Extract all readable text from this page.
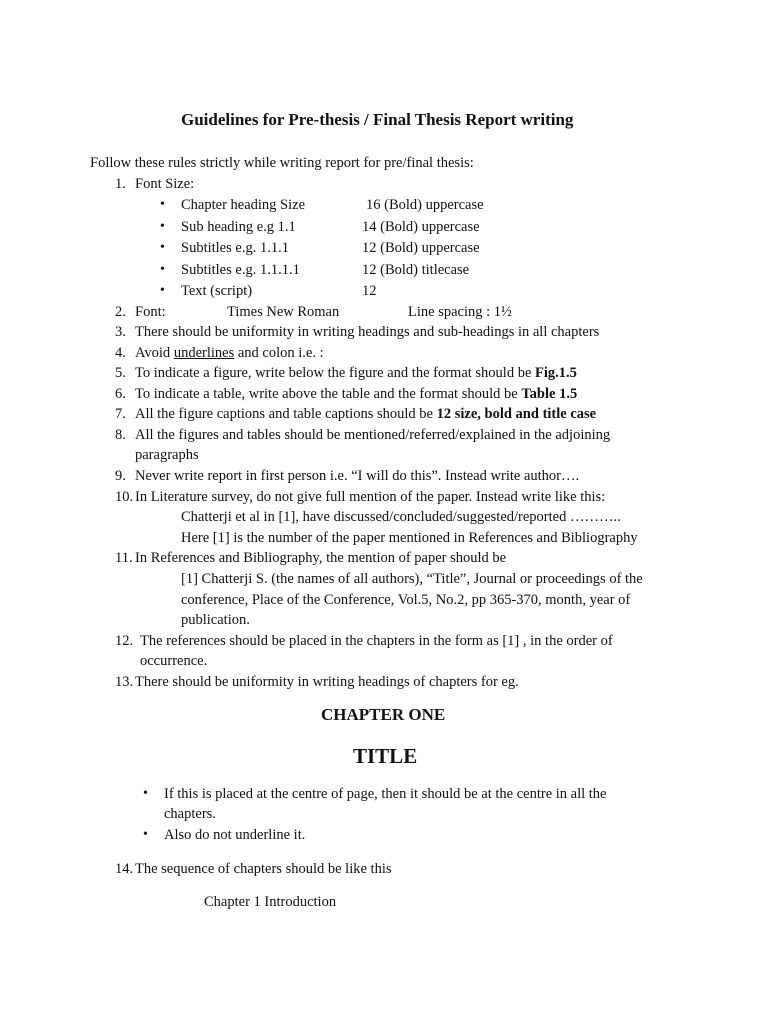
Guidelines for Pre-thesis / Final Thesis Report writing
Follow these rules strictly while writing report for pre/final thesis:
1. Font Size:
• Chapter heading Size	16 (Bold) uppercase
• Sub heading e.g 1.1	14 (Bold) uppercase
• Subtitles e.g. 1.1.1	12 (Bold) uppercase
• Subtitles e.g. 1.1.1.1	12 (Bold) titlecase
• Text (script)	12
2. Font:	Times New Roman	Line spacing : 1½
3. There should be uniformity in writing headings and sub-headings in all chapters
4. Avoid underlines and colon i.e. :
5. To indicate a figure, write below the figure and the format should be Fig.1.5
6. To indicate a table, write above the table and the format should be Table 1.5
7. All the figure captions and table captions should be 12 size, bold and title case
8. All the figures and tables should be mentioned/referred/explained in the adjoining
paragraphs
9. Never write report in first person i.e. “I will do this”. Instead write author….
10. In Literature survey, do not give full mention of the paper. Instead write like this:
Chatterji et al in [1], have discussed/concluded/suggested/reported ………..
Here [1] is the number of the paper mentioned in References and Bibliography
11. In References and Bibliography, the mention of paper should be
[1] Chatterji S. (the names of all authors), “Title”, Journal or proceedings of the
conference, Place of the Conference, Vol.5, No.2, pp 365-370, month, year of
publication.
12. The references should be placed in the chapters in the form as [1] , in the order of
occurrence.
13. There should be uniformity in writing headings of chapters for eg.
CHAPTER ONE
TITLE
• If this is placed at the centre of page, then it should be at the centre in all the
chapters.
• Also do not underline it.
14. The sequence of chapters should be like this
Chapter 1 Introduction
